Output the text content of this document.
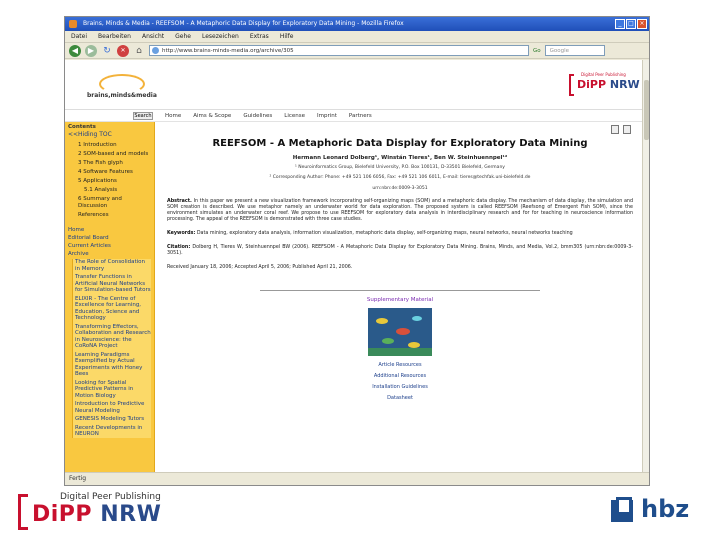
Brains, Minds & Media - REEFSOM - A Metaphoric Data Display for Exploratory Data Mining - Mozilla Firefox	_	□ ×
Datei Bearbeiten Ansicht Gehe Lesezeichen Extras Hilfe
◀	▶	↻	✕	⌂	http://www.brains-minds-media.org/archive/305	Go	Google
brains,minds&media
Digital Peer Publishing
DiPP NRW
Search Home Aims & Scope Guidelines License Imprint Partners
Contents
<<Hiding TOC
1 Introduction
2 SOM-based and models
3 The Fish glyph
4 Software Features
5 Applications
5.1 Analysis
6 Summary and Discussion
References
Home
Editorial Board
Current Articles
Archive
The Role of Consolidation in Memory
Transfer Functions in Artificial Neural Networks for Simulation-based Tutors
ELIXIR - The Centre of Excellence for Learning, Education, Science and Technology
Transforming Effectors, Collaboration and Research in Neuroscience: the CoRoNA Project
Learning Paradigms Exemplified by Actual Experiments with Honey Bees
Looking for Spatial Predictive Patterns in Motion Biology
Introduction to Predictive Neural Modeling
GENESIS Modeling Tutors
Recent Developments in NEURON
REEFSOM - A Metaphoric Data Display for Exploratory Data Mining
Hermann Leonard Dolberg¹, Winstán Tieres¹, Ben W. Steinhuennpel¹²
¹ Neuroinformatics Group, Bielefeld University, P.O. Box 100131, D-33501 Bielefeld, Germany
² Corresponding Author: Phone: +49 521 106 6056, Fax: +49 521 106 6011, E-mail: tieres@techfak.uni-bielefeld.de
urn:nbn:de:0009-3-3051
Abstract. In this paper we present a new visualization framework incorporating self-organizing maps (SOM) and a metaphoric data display. The mechanism of data display, the simulation and SOM creation is described. We use metaphor namely an underwater world for data exploration. The proposed system is called REEFSOM (Reefsong of Emergent Fish SOM), since the environment simulates an underwater coral reef. We propose to use REEFSOM for exploratory data analysis in interdisciplinary research and for for teaching in neuroscience information processing. The appeal of the REEFSOM is demonstrated with three case studies.
Keywords: Data mining, exploratory data analysis, information visualization, metaphoric data display, self-organizing maps, neural networks, neural networks teaching
Citation: Dolberg H, Tieres W, Steinhuennpel BW (2006). REEFSOM - A Metaphoric Data Display for Exploratory Data Mining. Brains, Minds, and Media, Vol.2, bmm305 (urn:nbn:de:0009-3-3051).
Received January 18, 2006; Accepted April 5, 2006; Published April 21, 2006.
Supplementary Material
Article Resources
Additional Resources
Installation Guidelines
Datasheet
Fertig
Digital Peer Publishing
DiPP NRW	hbz
